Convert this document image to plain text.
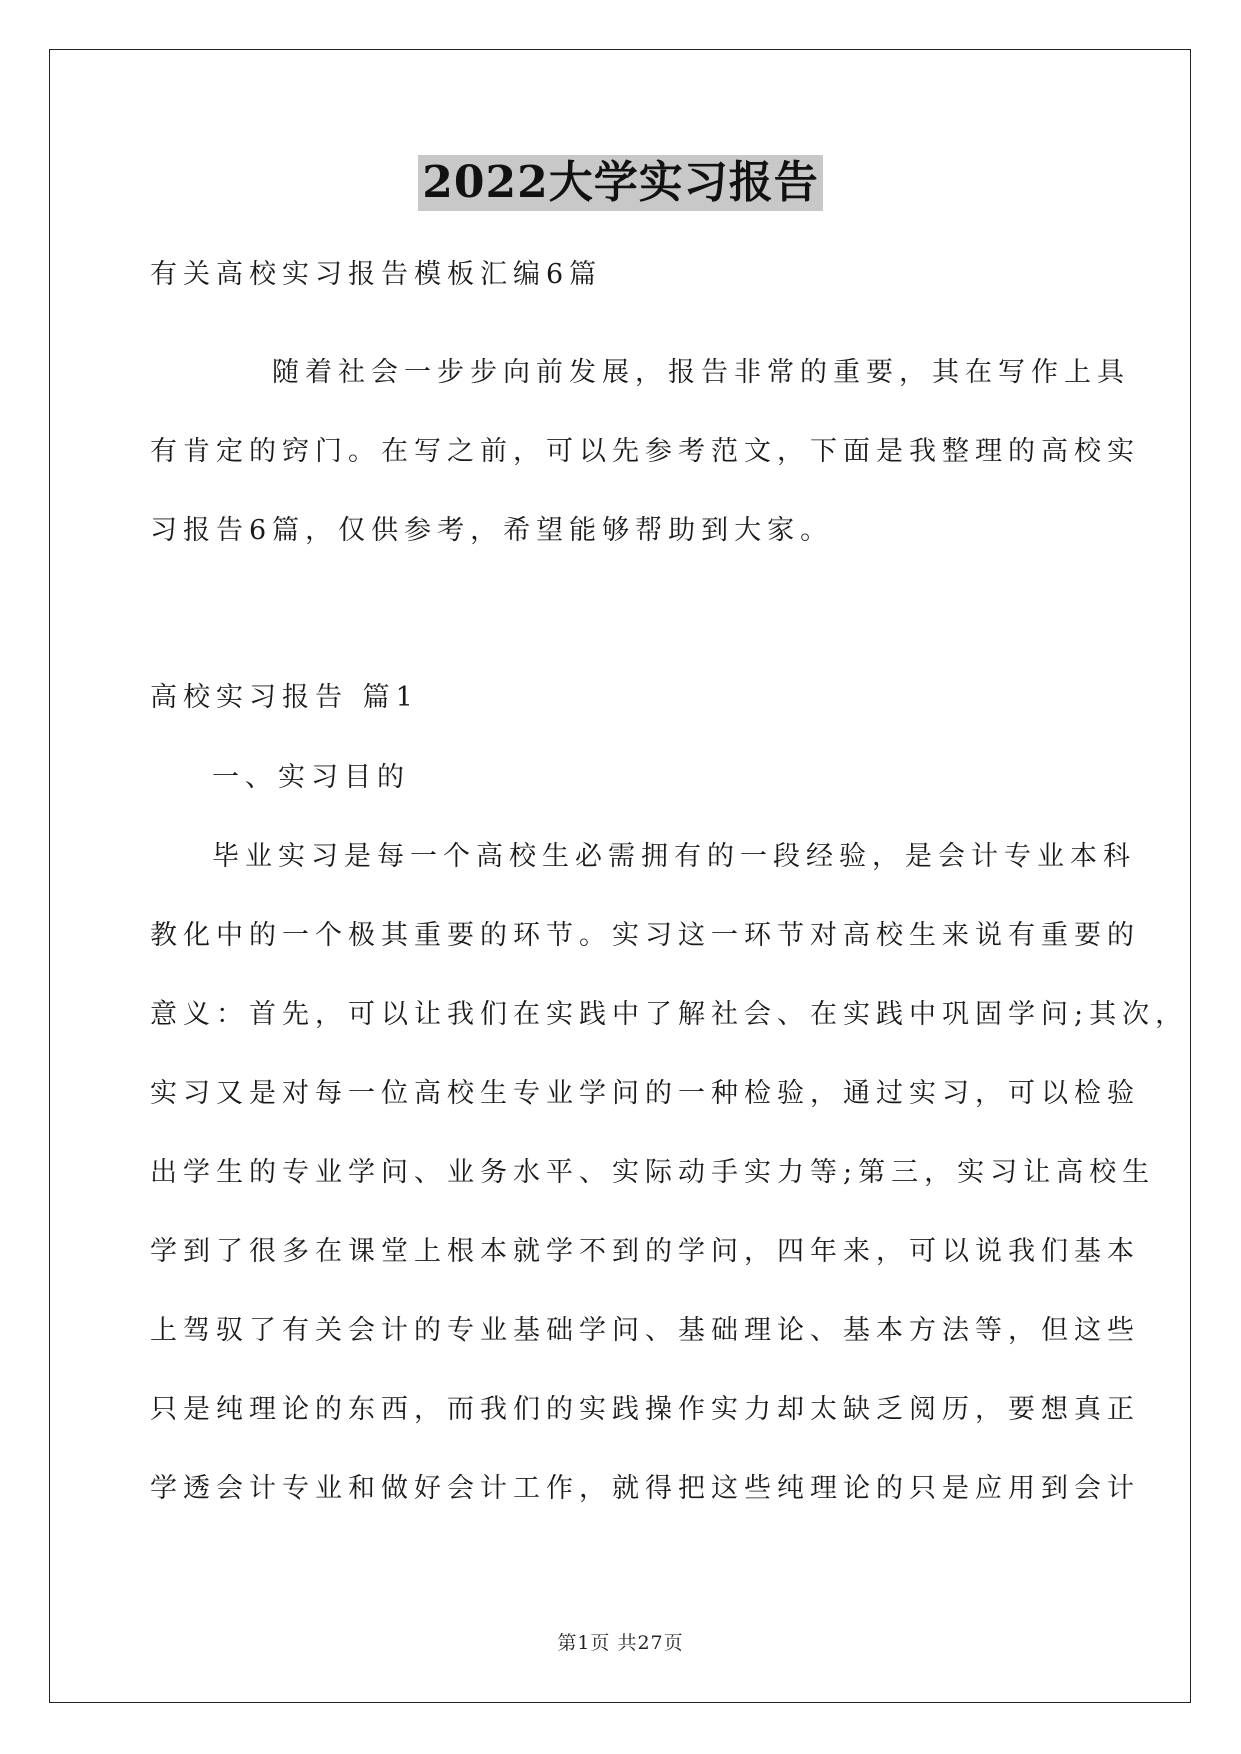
2022大学实习报告

有关高校实习报告模板汇编6篇

随着社会一步步向前发展，报告非常的重要，其在写作上具

有肯定的窍门。在写之前，可以先参考范文，下面是我整理的高校实

习报告6篇，仅供参考，希望能够帮助到大家。

高校实习报告 篇1

一、实习目的

毕业实习是每一个高校生必需拥有的一段经验，是会计专业本科
教化中的一个极其重要的环节。实习这一环节对高校生来说有重要的
意义：首先，可以让我们在实践中了解社会、在实践中巩固学问;其次，
实习又是对每一位高校生专业学问的一种检验，通过实习，可以检验
出学生的专业学问、业务水平、实际动手实力等;第三，实习让高校生
学到了很多在课堂上根本就学不到的学问，四年来，可以说我们基本
上驾驭了有关会计的专业基础学问、基础理论、基本方法等，但这些
只是纯理论的东西，而我们的实践操作实力却太缺乏阅历，要想真正
学透会计专业和做好会计工作，就得把这些纯理论的只是应用到会计
第1页 共27页
